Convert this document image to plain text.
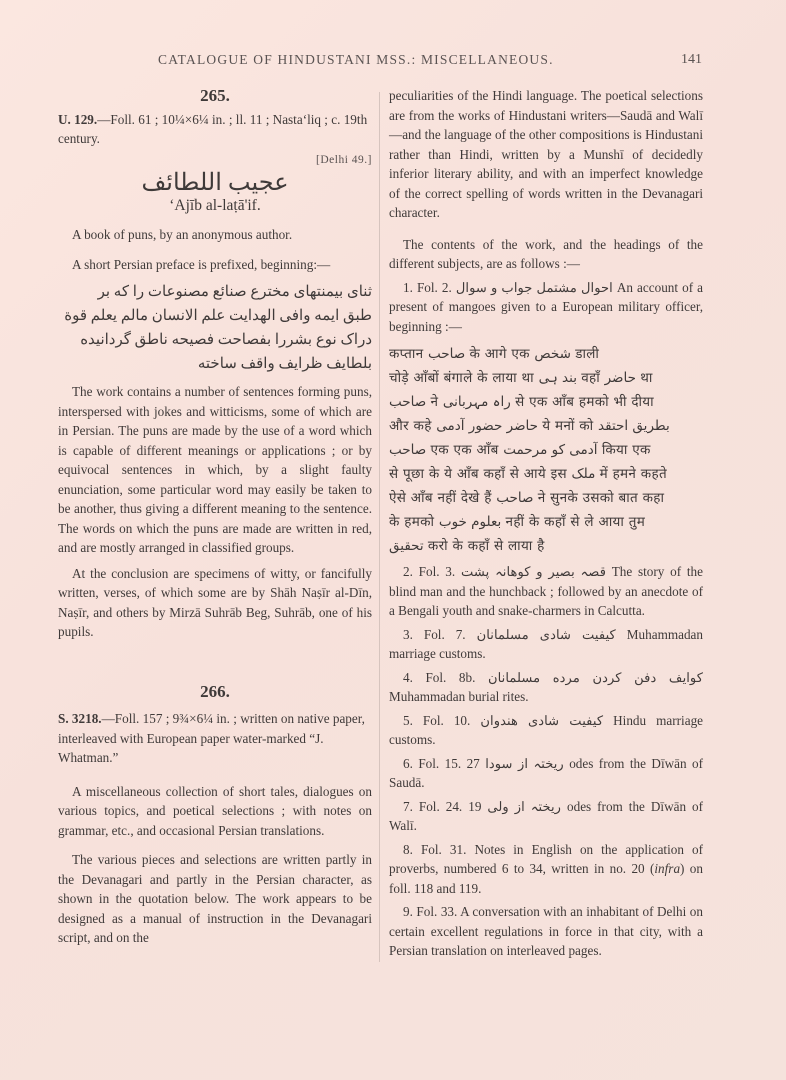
CATALOGUE OF HINDUSTANI MSS.: MISCELLANEOUS.	141
265.

U. 129.—Foll. 61 ; 10¼×6¼ in. ; ll. 11 ; Nasta‘liq ; c. 19th century.

[Delhi 49.]

عجیب اللطائف

‘Ajīb al-laṭā'if.

A book of puns, by an anonymous author.

A short Persian preface is prefixed, beginning:—

ثنای بیمنتهای مخترع صنائع مصنوعات را که بر

طبق ایمه وافی الهدایت علم الانسان مالم یعلم قوة

دراک نوع بشررا بفصاحت فصیحه ناطق گردانیده

بلطایف ظرایف واقف ساخته

The work contains a number of sentences forming puns, interspersed with jokes and witticisms, some of which are in Persian. The puns are made by the use of a word which is capable of different meanings or applications ; or by equivocal sentences in which, by a slight faulty enunciation, some particular word may easily be taken to be another, thus giving a different meaning to the sentence. The words on which the puns are made are written in red, and are mostly arranged in classified groups.

At the conclusion are specimens of witty, or fancifully written, verses, of which some are by Shāh Naṣīr al-Dīn, Naṣīr, and others by Mirzā Suhrāb Beg, Suhrāb, one of his pupils.

266.

S. 3218.—Foll. 157 ; 9¾×6¼ in. ; written on native paper, interleaved with European paper water-marked “J. Whatman.”

A miscellaneous collection of short tales, dialogues on various topics, and poetical selections ; with notes on grammar, etc., and occasional Persian translations.

The various pieces and selections are written partly in the Devanagari and partly in the Persian character, as shown in the quotation below. The work appears to be designed as a manual of instruction in the Devanagari script, and on the

peculiarities of the Hindi language. The poetical selections are from the works of Hindustani writers—Saudā and Walī—and the language of the other compositions is Hindustani rather than Hindi, written by a Munshī of decidedly inferior literary ability, and with an imperfect knowledge of the correct spelling of words written in the Devanagari character.

The contents of the work, and the headings of the different subjects, are as follows :—

1. Fol. 2. احوال مشتمل جواب و سوال An account of a present of mangoes given to a European military officer, beginning :—

कप्तान صاحب के आगे एक شخص डाली

चोड़े आँबों बंगाले के लाया था بند ہی वहाँ حاضر था

صاحب ने راہ مہربانی से एक आँब हमको भी दीया

और कहे حاضر حضور آدمی ये मनों को بطریق احتقد

صاحب एक एक आँब آدمی کو مرحمت किया एक

से पूछा के ये आँब कहाँ से आये इस ملک में हमने कहते

ऐसे आँब नहीं देखे हैं صاحب ने सुनके उसको बात कहा

के हमको بعلوم خوب नहीं के कहाँ से ले आया तुम

تحقیق करो के कहाँ से लाया है

2. Fol. 3. قصہ بصیر و کوهانہ پشت The story of the blind man and the hunchback ; followed by an anecdote of a Bengali youth and snake-charmers in Calcutta.

3. Fol. 7. کیفیت شادی مسلمانان Muhammadan marriage customs.

4. Fol. 8b. کوایف دفن کردن مرده مسلمانان Muhammadan burial rites.

5. Fol. 10. کیفیت شادی هندوان Hindu marriage customs.

6. Fol. 15. ریختہ از سودا 27 odes from the Dīwān of Saudā.

7. Fol. 24. ریختہ از ولی 19 odes from the Dīwān of Walī.

8. Fol. 31. Notes in English on the application of proverbs, numbered 6 to 34, written in no. 20 (infra) on foll. 118 and 119.

9. Fol. 33. A conversation with an inhabitant of Delhi on certain excellent regulations in force in that city, with a Persian translation on interleaved pages.
